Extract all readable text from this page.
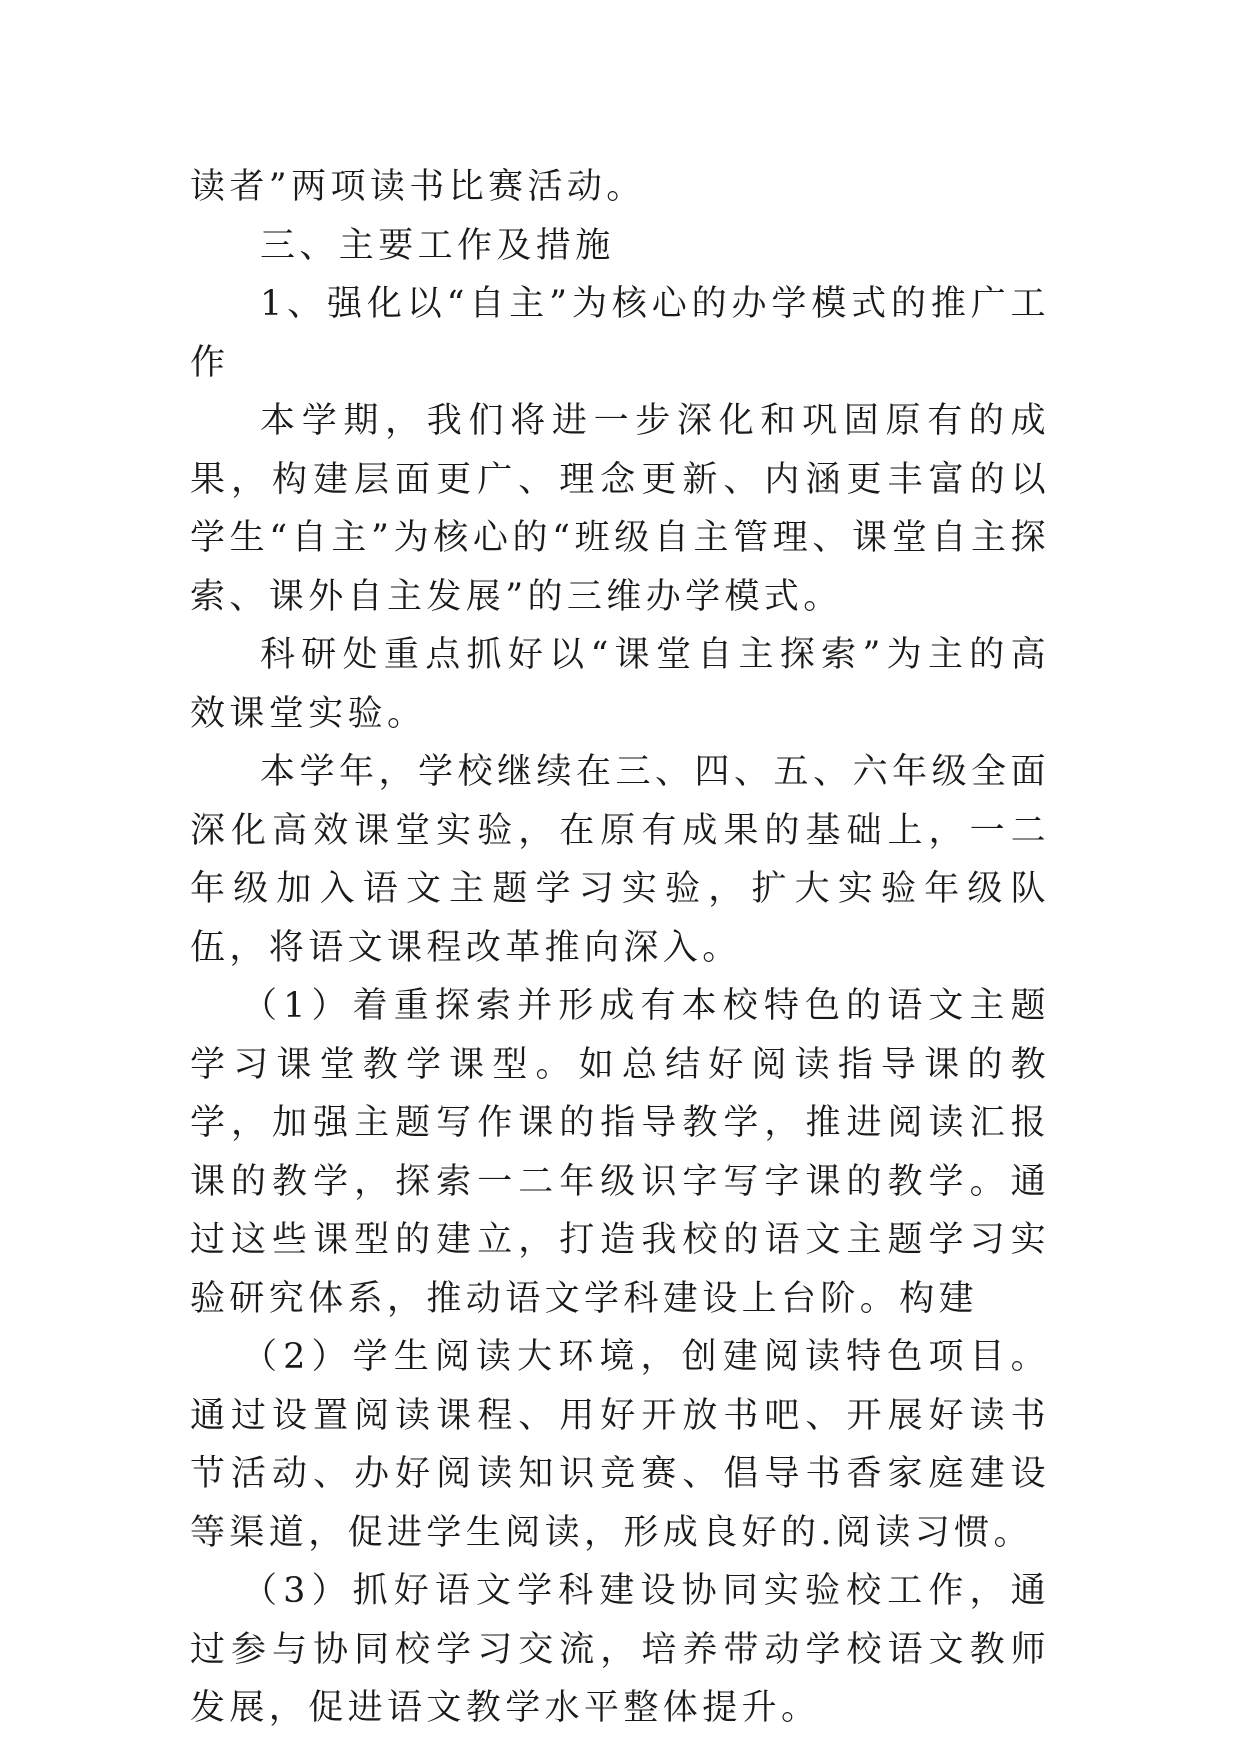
读者”两项读书比赛活动。

三、主要工作及措施

1、强化以“自主”为核心的办学模式的推广工作

本学期，我们将进一步深化和巩固原有的成果，构建层面更广、理念更新、内涵更丰富的以学生“自主”为核心的“班级自主管理、课堂自主探索、课外自主发展”的三维办学模式。

科研处重点抓好以“课堂自主探索”为主的高效课堂实验。

本学年，学校继续在三、四、五、六年级全面深化高效课堂实验，在原有成果的基础上，一二年级加入语文主题学习实验，扩大实验年级队伍，将语文课程改革推向深入。

（1）着重探索并形成有本校特色的语文主题学习课堂教学课型。如总结好阅读指导课的教学，加强主题写作课的指导教学，推进阅读汇报课的教学，探索一二年级识字写字课的教学。通过这些课型的建立，打造我校的语文主题学习实验研究体系，推动语文学科建设上台阶。构建

（2）学生阅读大环境，创建阅读特色项目。通过设置阅读课程、用好开放书吧、开展好读书节活动、办好阅读知识竞赛、倡导书香家庭建设等渠道，促进学生阅读，形成良好的.阅读习惯。

（3）抓好语文学科建设协同实验校工作，通过参与协同校学习交流，培养带动学校语文教师发展，促进语文教学水平整体提升。
